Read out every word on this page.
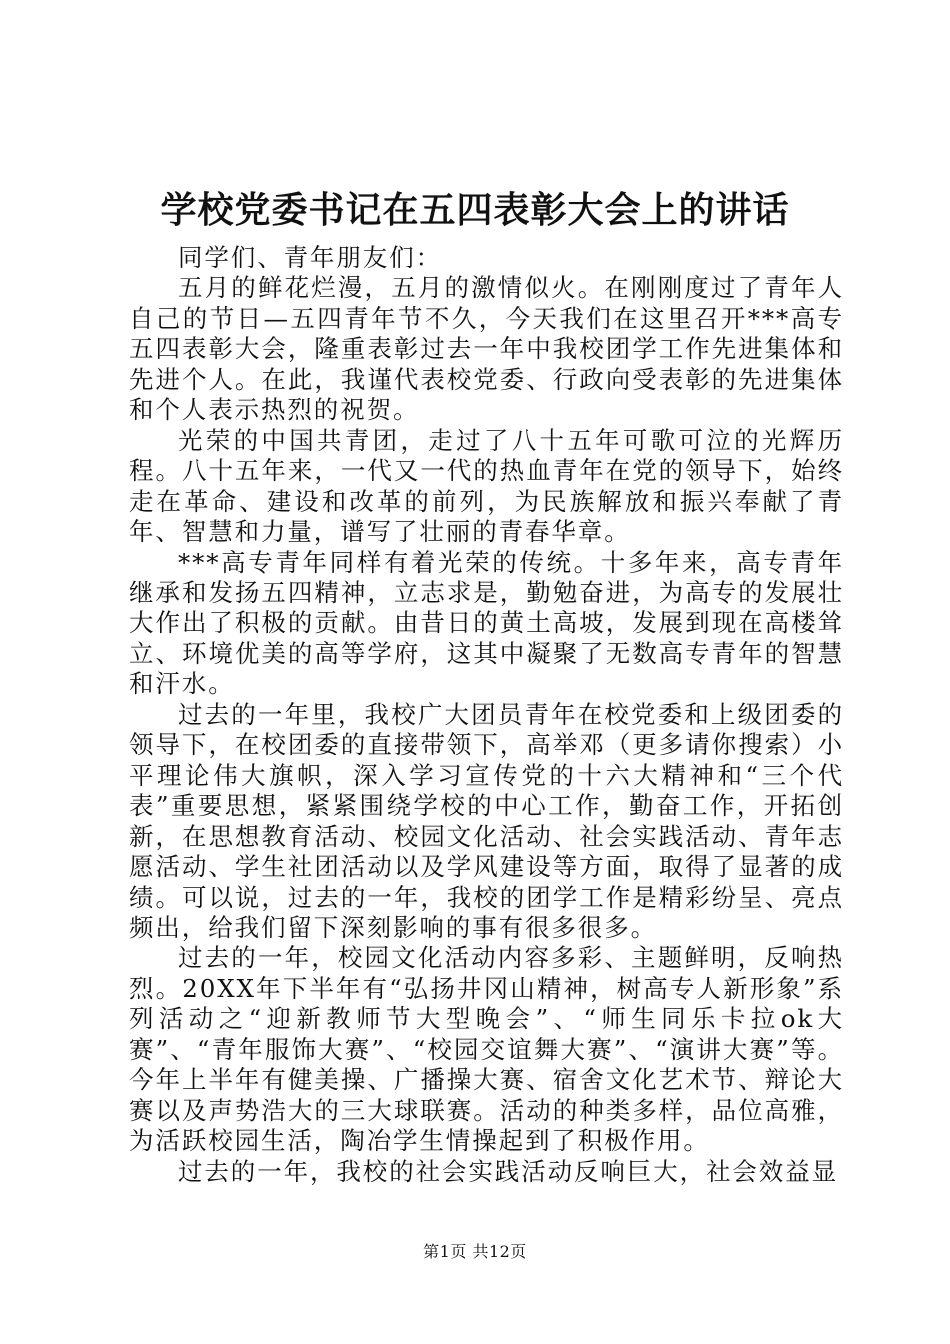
学校党委书记在五四表彰大会上的讲话

同学们、青年朋友们：

五月的鲜花烂漫，五月的激情似火。在刚刚度过了青年人自己的节日—五四青年节不久，今天我们在这里召开***高专五四表彰大会，隆重表彰过去一年中我校团学工作先进集体和先进个人。在此，我谨代表校党委、行政向受表彰的先进集体和个人表示热烈的祝贺。

光荣的中国共青团，走过了八十五年可歌可泣的光辉历程。八十五年来，一代又一代的热血青年在党的领导下，始终走在革命、建设和改革的前列，为民族解放和振兴奉献了青年、智慧和力量，谱写了壮丽的青春华章。

***高专青年同样有着光荣的传统。十多年来，高专青年继承和发扬五四精神，立志求是，勤勉奋进，为高专的发展壮大作出了积极的贡献。由昔日的黄土高坡，发展到现在高楼耸立、环境优美的高等学府，这其中凝聚了无数高专青年的智慧和汗水。

过去的一年里，我校广大团员青年在校党委和上级团委的领导下，在校团委的直接带领下，高举邓（更多请你搜索）小平理论伟大旗帜，深入学习宣传党的十六大精神和“三个代表”重要思想，紧紧围绕学校的中心工作，勤奋工作，开拓创新，在思想教育活动、校园文化活动、社会实践活动、青年志愿活动、学生社团活动以及学风建设等方面，取得了显著的成绩。可以说，过去的一年，我校的团学工作是精彩纷呈、亮点频出，给我们留下深刻影响的事有很多很多。

过去的一年，校园文化活动内容多彩、主题鲜明，反响热烈。20XX年下半年有“弘扬井冈山精神，树高专人新形象”系列活动之“迎新教师节大型晚会”、“师生同乐卡拉ok大赛”、“青年服饰大赛”、“校园交谊舞大赛”、“演讲大赛”等。今年上半年有健美操、广播操大赛、宿舍文化艺术节、辩论大赛以及声势浩大的三大球联赛。活动的种类多样，品位高雅，为活跃校园生活，陶冶学生情操起到了积极作用。

过去的一年，我校的社会实践活动反响巨大，社会效益显

第1页 共12页
